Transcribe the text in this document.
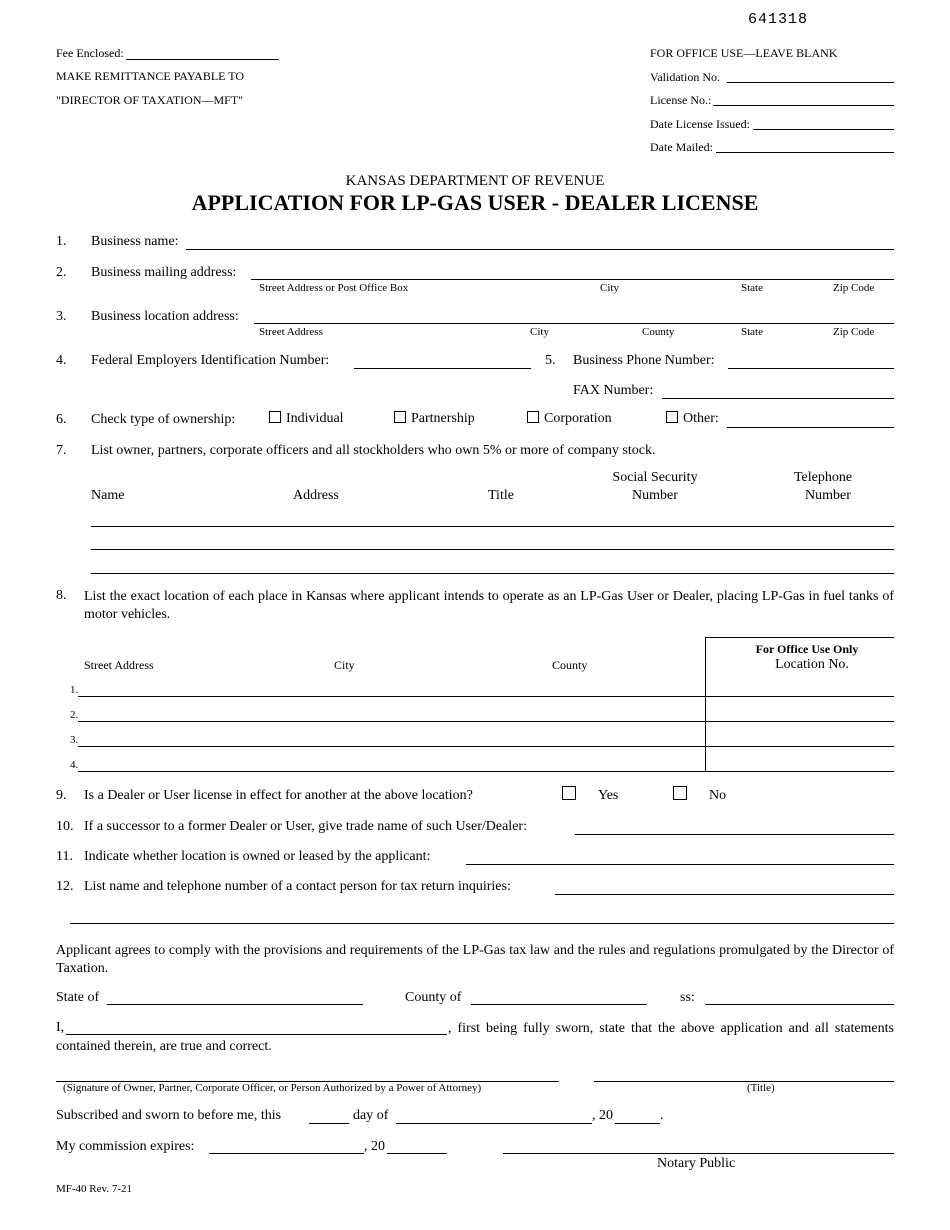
641318
Fee Enclosed:
MAKE REMITTANCE PAYABLE TO
"DIRECTOR OF TAXATION—MFT"
FOR OFFICE USE—LEAVE BLANK
Validation No.
License No.:
Date License Issued:
Date Mailed:
KANSAS DEPARTMENT OF REVENUE
APPLICATION FOR LP-GAS USER - DEALER LICENSE
1. Business name:
2. Business mailing address:
Street Address or Post Office Box	City	State	Zip Code
3. Business location address:
Street Address	City	County	State	Zip Code
4. Federal Employers Identification Number:	5. Business Phone Number:
FAX Number:
6. Check type of ownership:	Individual	Partnership	Corporation	Other:
7. List owner, partners, corporate officers and all stockholders who own 5% or more of company stock.
Name	Address	Title
Social Security
Number
Telephone
Number
8. List the exact location of each place in Kansas where applicant intends to operate as an LP-Gas User or Dealer, placing LP-Gas in fuel tanks of motor vehicles.
For Office Use Only
Location No.
Street Address	City	County
1.
2.
3.
4.
9. Is a Dealer or User license in effect for another at the above location?	Yes	No
10. If a successor to a former Dealer or User, give trade name of such User/Dealer:
11. Indicate whether location is owned or leased by the applicant:
12. List name and telephone number of a contact person for tax return inquiries:
Applicant agrees to comply with the provisions and requirements of the LP-Gas tax law and the rules and regulations promulgated by the Director of Taxation.
State of	County of	ss:
I,	, first being fully sworn, state that the above application and all statements contained therein, are true and correct.
(Signature of Owner, Partner, Corporate Officer, or Person Authorized by a Power of Attorney)	(Title)
Subscribed and sworn to before me, this	day of	, 20	.
My commission expires:	, 20
Notary Public
MF-40 Rev. 7-21
